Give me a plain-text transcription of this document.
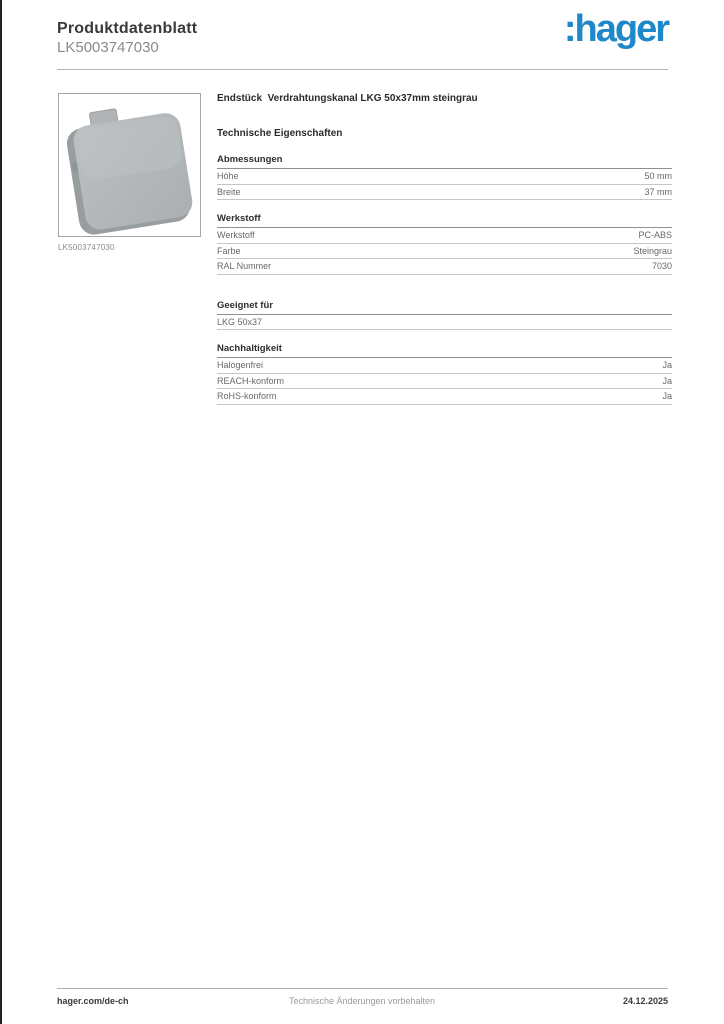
Produktdatenblatt
LK5003747030	:hager
LK5003747030
Endstück  Verdrahtungskanal LKG 50x37mm steingrau
Technische Eigenschaften
Abmessungen
Höhe	50 mm
Breite	37 mm
Werkstoff
Werkstoff	PC-ABS
Farbe	Steingrau
RAL Nummer	7030
Geeignet für
LKG 50x37
Nachhaltigkeit
Halogenfrei	Ja
REACH-konform	Ja
RoHS-konform	Ja
Technische Änderungen vorbehalten
hager.com/de-ch	24.12.2025
